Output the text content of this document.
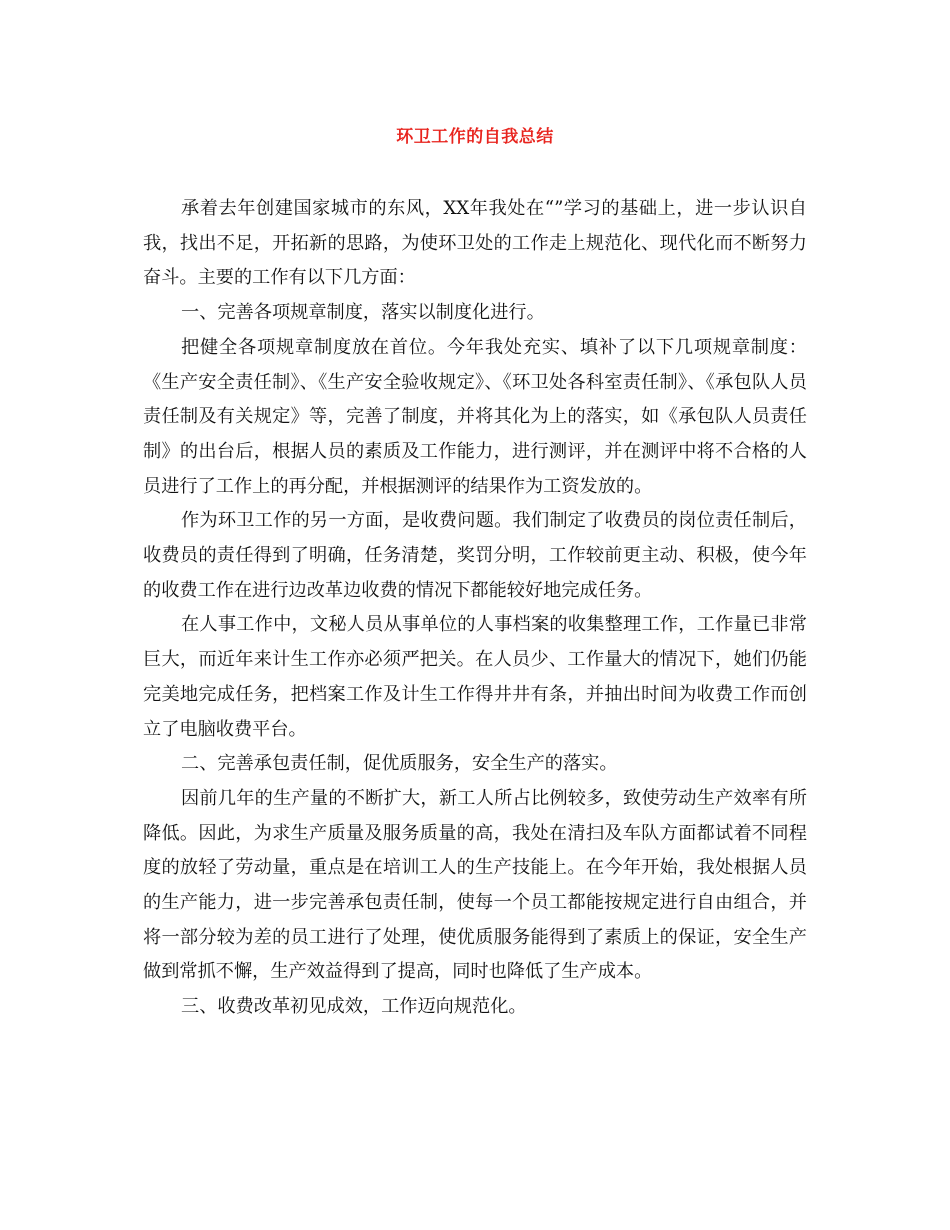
环卫工作的自我总结

承着去年创建国家城市的东风，XX年我处在“”学习的基础上，进一步认识自我，找出不足，开拓新的思路，为使环卫处的工作走上规范化、现代化而不断努力奋斗。主要的工作有以下几方面：

一、完善各项规章制度，落实以制度化进行。

把健全各项规章制度放在首位。今年我处充实、填补了以下几项规章制度：《生产安全责任制》、《生产安全验收规定》、《环卫处各科室责任制》、《承包队人员责任制及有关规定》等，完善了制度，并将其化为上的落实，如《承包队人员责任制》的出台后，根据人员的素质及工作能力，进行测评，并在测评中将不合格的人员进行了工作上的再分配，并根据测评的结果作为工资发放的。

作为环卫工作的另一方面，是收费问题。我们制定了收费员的岗位责任制后，收费员的责任得到了明确，任务清楚，奖罚分明，工作较前更主动、积极，使今年的收费工作在进行边改革边收费的情况下都能较好地完成任务。

在人事工作中，文秘人员从事单位的人事档案的收集整理工作，工作量已非常巨大，而近年来计生工作亦必须严把关。在人员少、工作量大的情况下，她们仍能完美地完成任务，把档案工作及计生工作得井井有条，并抽出时间为收费工作而创立了电脑收费平台。

二、完善承包责任制，促优质服务，安全生产的落实。

因前几年的生产量的不断扩大，新工人所占比例较多，致使劳动生产效率有所降低。因此，为求生产质量及服务质量的高，我处在清扫及车队方面都试着不同程度的放轻了劳动量，重点是在培训工人的生产技能上。在今年开始，我处根据人员的生产能力，进一步完善承包责任制，使每一个员工都能按规定进行自由组合，并将一部分较为差的员工进行了处理，使优质服务能得到了素质上的保证，安全生产做到常抓不懈，生产效益得到了提高，同时也降低了生产成本。

三、收费改革初见成效，工作迈向规范化。
